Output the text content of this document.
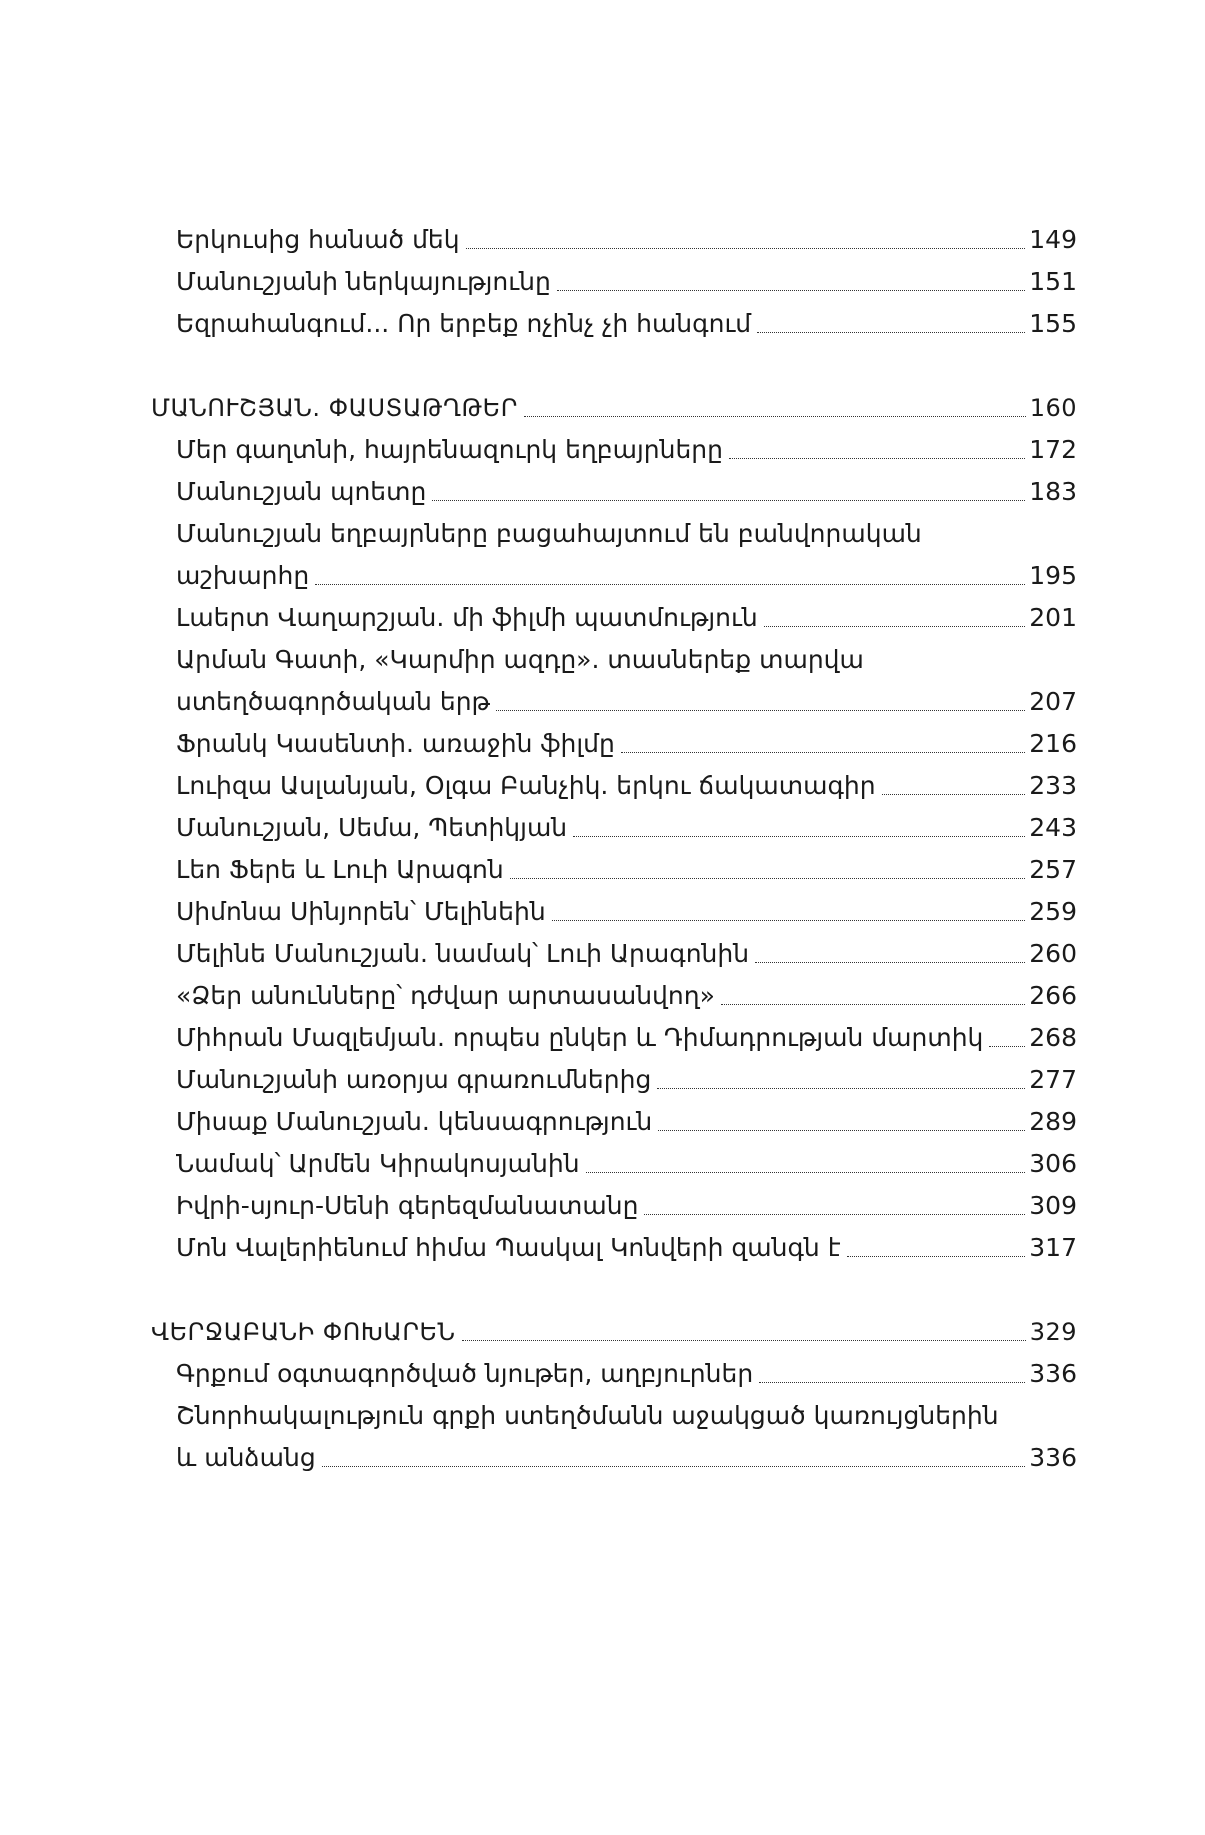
Երկուսից հանած մեկ	149
Մանուշյանի ներկայությունը	151
Եզրահանգում... Որ երբեք ոչինչ չի հանգում	155
ՄԱՆՈՒՇՅԱՆ. ՓԱՍՏԱԹՂԹԵՐ	160
Մեր գաղտնի, հայրենազուրկ եղբայրները	172
Մանուշյան պոետը	183
Մանուշյան եղբայրները բացահայտում են բանվորական
աշխարհը	195
Լաերտ Վաղարշյան. մի ֆիլմի պատմություն	201
Արման Գատի, «Կարմիր ազդը». տասներեք տարվա
ստեղծագործական երթ	207
Ֆրանկ Կասենտի. առաջին ֆիլմը	216
Լուիզա Ասլանյան, Օլգա Բանչիկ. երկու ճակատագիր	233
Մանուշյան, Սեմա, Պետիկյան	243
Լեո Ֆերե և Լուի Արագոն	257
Սիմոնա Սինյորեն՝ Մելինեին	259
Մելինե Մանուշյան. նամակ՝ Լուի Արագոնին	260
«Ձեր անունները՝ դժվար արտասանվող»	266
Միհրան Մազլեմյան. որպես ընկեր և Դիմադրության մարտիկ 268
Մանուշյանի առօրյա գրառումներից	277
Միսաք Մանուշյան. կենսագրություն	289
Նամակ՝ Արմեն Կիրակոսյանին	306
Իվրի-սյուր-Սենի գերեզմանատանը	309
Մոն Վալերիենում հիմա Պասկալ Կոնվերի զանգն է	317
ՎԵՐՋԱԲԱՆԻ ՓՈԽԱՐԵՆ	329
Գրքում օգտագործված նյութեր, աղբյուրներ	336
Շնորհակալություն գրքի ստեղծմանն աջակցած կառույցներին
և անձանց	336
